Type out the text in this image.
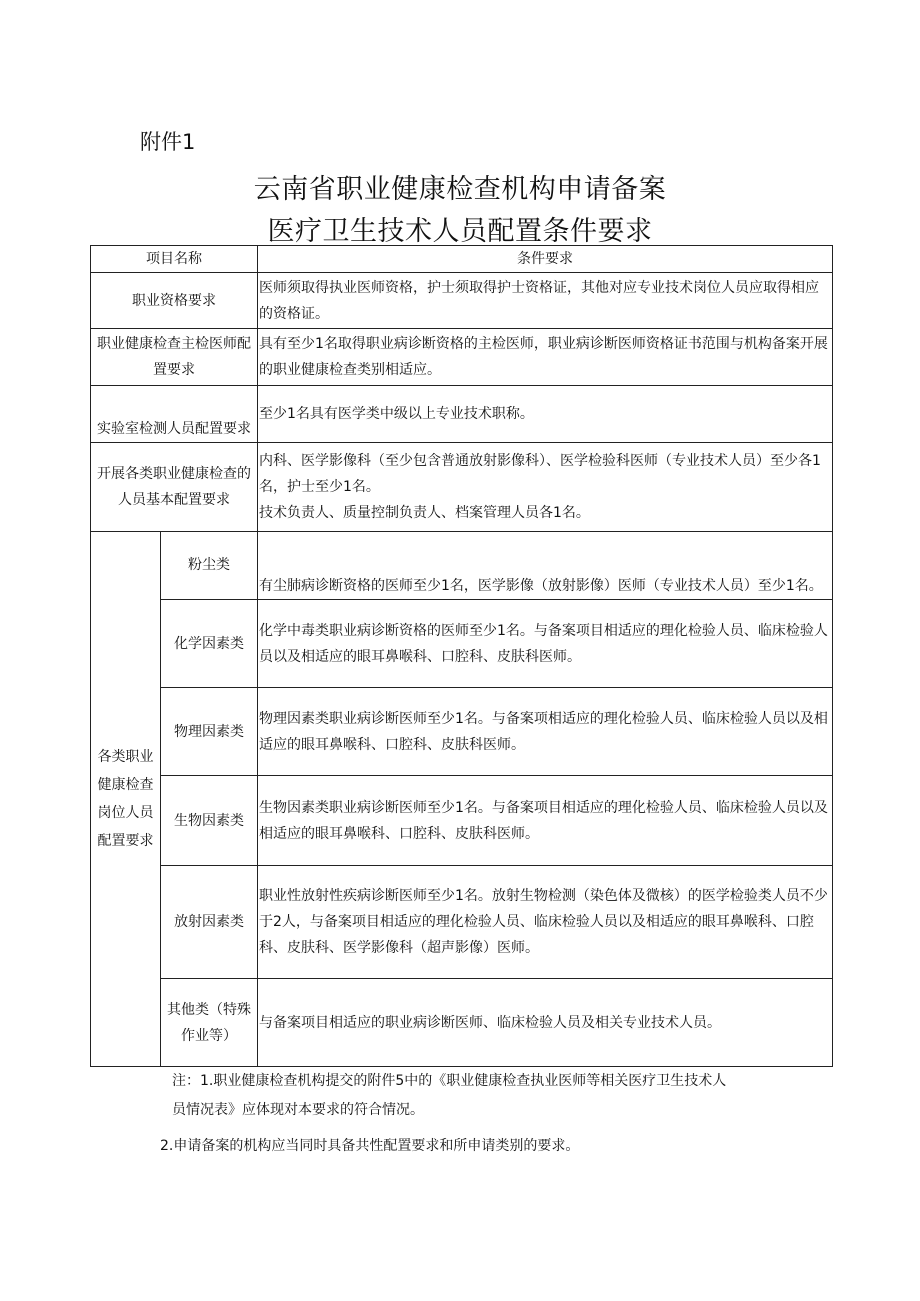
附件1
云南省职业健康检查机构申请备案
医疗卫生技术人员配置条件要求
项目名称		条件要求
职业资格要求		医师须取得执业医师资格，护士须取得护士资格证，其他对应专业技术岗位人员应取得相应的资格证。
职业健康检查主检医师配置要求		具有至少1名取得职业病诊断资格的主检医师，职业病诊断医师资格证书范围与机构备案开展的职业健康检查类别相适应。
实验室检测人员配置要求		至少1名具有医学类中级以上专业技术职称。
开展各类职业健康检查的人员基本配置要求		内科、医学影像科（至少包含普通放射影像科）、医学检验科医师（专业技术人员）至少各1名，护士至少1名。
技术负责人、质量控制负责人、档案管理人员各1名。

各类职业健康检查岗位人员配置要求	粉尘类	有尘肺病诊断资格的医师至少1名，医学影像（放射影像）医师（专业技术人员）至少1名。
	化学因素类	化学中毒类职业病诊断资格的医师至少1名。与备案项目相适应的理化检验人员、临床检验人员以及相适应的眼耳鼻喉科、口腔科、皮肤科医师。
	物理因素类	物理因素类职业病诊断医师至少1名。与备案项相适应的理化检验人员、临床检验人员以及相适应的眼耳鼻喉科、口腔科、皮肤科医师。
	生物因素类	生物因素类职业病诊断医师至少1名。与备案项目相适应的理化检验人员、临床检验人员以及相适应的眼耳鼻喉科、口腔科、皮肤科医师。
	放射因素类	职业性放射性疾病诊断医师至少1名。放射生物检测（染色体及微核）的医学检验类人员不少于2人，与备案项目相适应的理化检验人员、临床检验人员以及相适应的眼耳鼻喉科、口腔科、皮肤科、医学影像科（超声影像）医师。
	其他类（特殊作业等）	与备案项目相适应的职业病诊断医师、临床检验人员及相关专业技术人员。
注：1.职业健康检查机构提交的附件5中的《职业健康检查执业医师等相关医疗卫生技术人
员情况表》应体现对本要求的符合情况。
2.申请备案的机构应当同时具备共性配置要求和所申请类别的要求。
